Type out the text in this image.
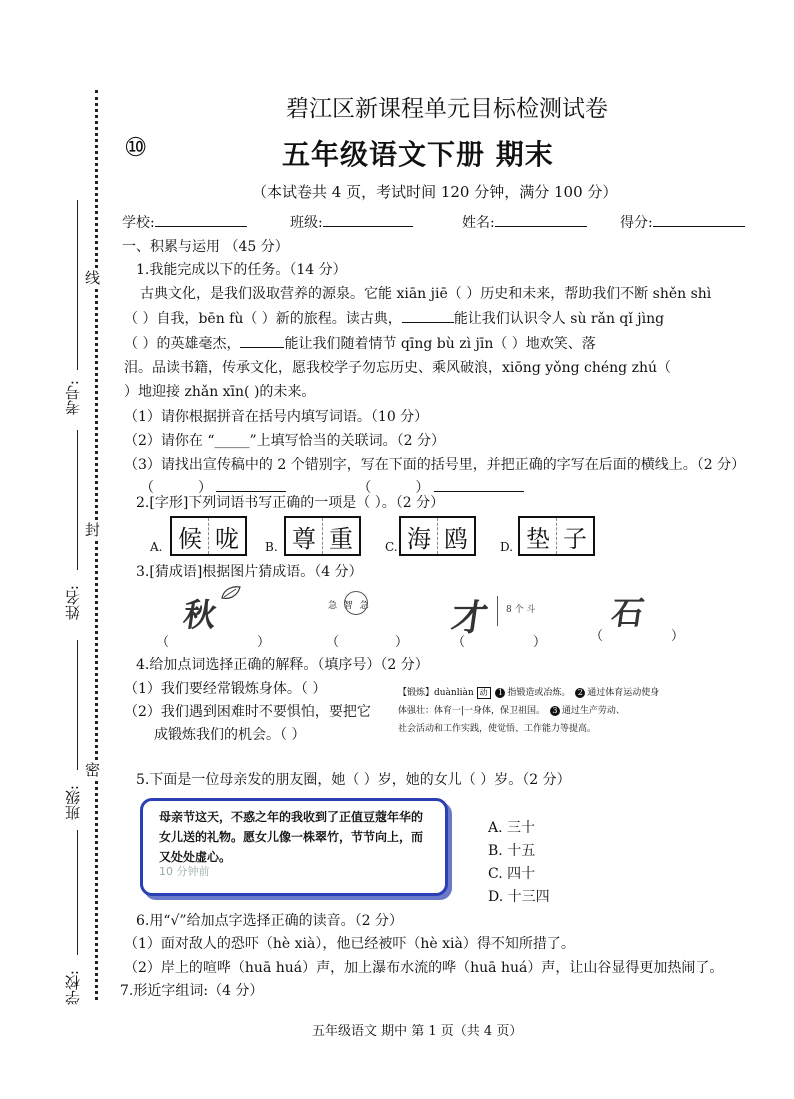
考号:
线
姓名:
封
班级:
密
学校:
碧江区新课程单元目标检测试卷
⑩	五年级语文下册 期末
（本试卷共 4 页，考试时间 120 分钟，满分 100 分）
学校:	班级:	姓名:	得分:
一、积累与运用 （45 分）
1.我能完成以下的任务。（14 分）
古典文化，是我们汲取营养的源泉。它能 xiān jiē（ ）历史和未来，帮助我们不断 shěn shì
（ ）自我，bēn fù（ ）新的旅程。读古典，	能让我们认识令人 sù rǎn qǐ jìng
（ ）的英雄毫杰，	能让我们随着情节 qīng bù zì jīn（ ）地欢笑、落
泪。品读书籍，传承文化，愿我校学子勿忘历史、乘风破浪，xiōng yǒng chéng zhú（
）地迎接 zhǎn xīn( )的未来。
（1）请你根据拼音在括号内填写词语。（10 分）
（2）请你在 “_____”上填写恰当的关联词。（2 分）
（3）请找出宣传稿中的 2 个错别字，写在下面的括号里，并把正确的字写在后面的横线上。（2 分）
（	）	（	）
2.[字形]下列词语书写正确的一项是（ ）。（2 分）
A. 候 咙	B. 尊 重	C. 海 鸥	D. 垫 子
3.[猜成语]根据图片猜成语。（4 分）
秋	急 智 急 才 8 个 斗 石
（	）	（	）	（	）	（	）
4.给加点词选择正确的解释。（填序号）（2 分）
（1）我们要经常锻炼身体。（ ）
（2）我们遇到困难时不要惧怕，要把它
成锻炼我们的机会。（ ）
【锻炼】duànliàn 动 1 指锻造或冶炼。 2 通过体育运动使身
体强壮：体育一|一身体，保卫祖国。 3 通过生产劳动、
社会活动和工作实践，使觉悟、工作能力等提高。
5.下面是一位母亲发的朋友圈，她（ ）岁，她的女儿（ ）岁。（2 分）
母亲节这天，不惑之年的我收到了正值豆蔻年华的女儿送的礼物。愿女儿像一株翠竹，节节向上，而又处处虚心。
10 分钟前
A. 三十
B. 十五
C. 四十
D. 十三四
6.用“√”给加点字选择正确的读音。（2 分）
（1）面对敌人的恐吓（hè xià），他已经被吓（hè xià）得不知所措了。
（2）岸上的喧哗（huā huá）声，加上瀑布水流的哗（huā huá）声，让山谷显得更加热闹了。
7.形近字组词:（4 分）
五年级语文 期中 第 1 页（共 4 页）
